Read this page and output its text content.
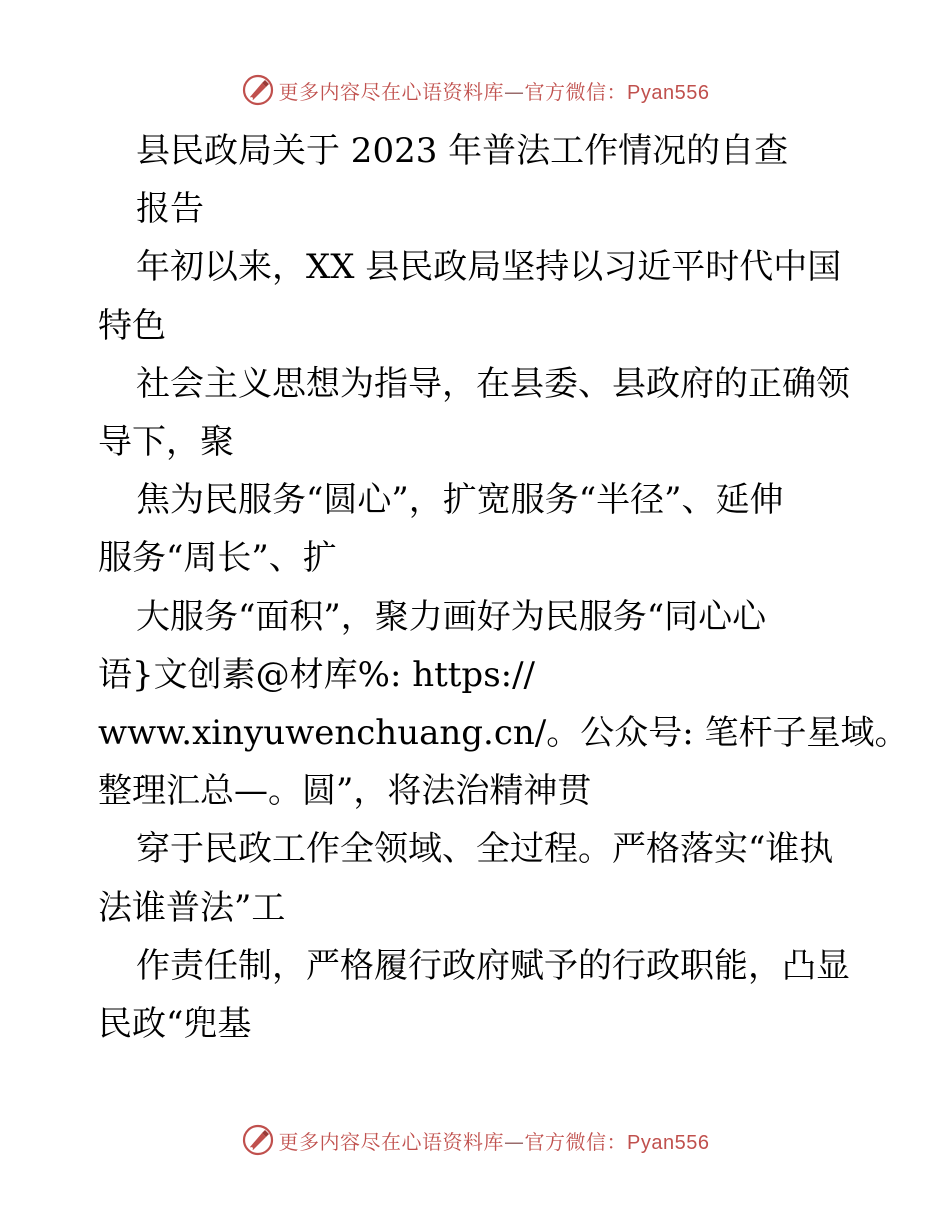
更多内容尽在心语资料库—官方微信：Pyan556

县民政局关于 2023 年普法工作情况的自查

报告

年初以来，XX 县民政局坚持以习近平时代中国

特色

社会主义思想为指导，在县委、县政府的正确领

导下，聚

焦为民服务“圆心”，扩宽服务“半径”、延伸

服务“周长”、扩

大服务“面积”，聚力画好为民服务“同心心

语}文创素@材库%: https://

www.xinyuwenchuang.cn/。公众号: 笔杆子星域。

整理汇总—。圆”，将法治精神贯

穿于民政工作全领域、全过程。严格落实“谁执

法谁普法”工

作责任制，严格履行政府赋予的行政职能，凸显

民政“兜基

更多内容尽在心语资料库—官方微信：Pyan556
